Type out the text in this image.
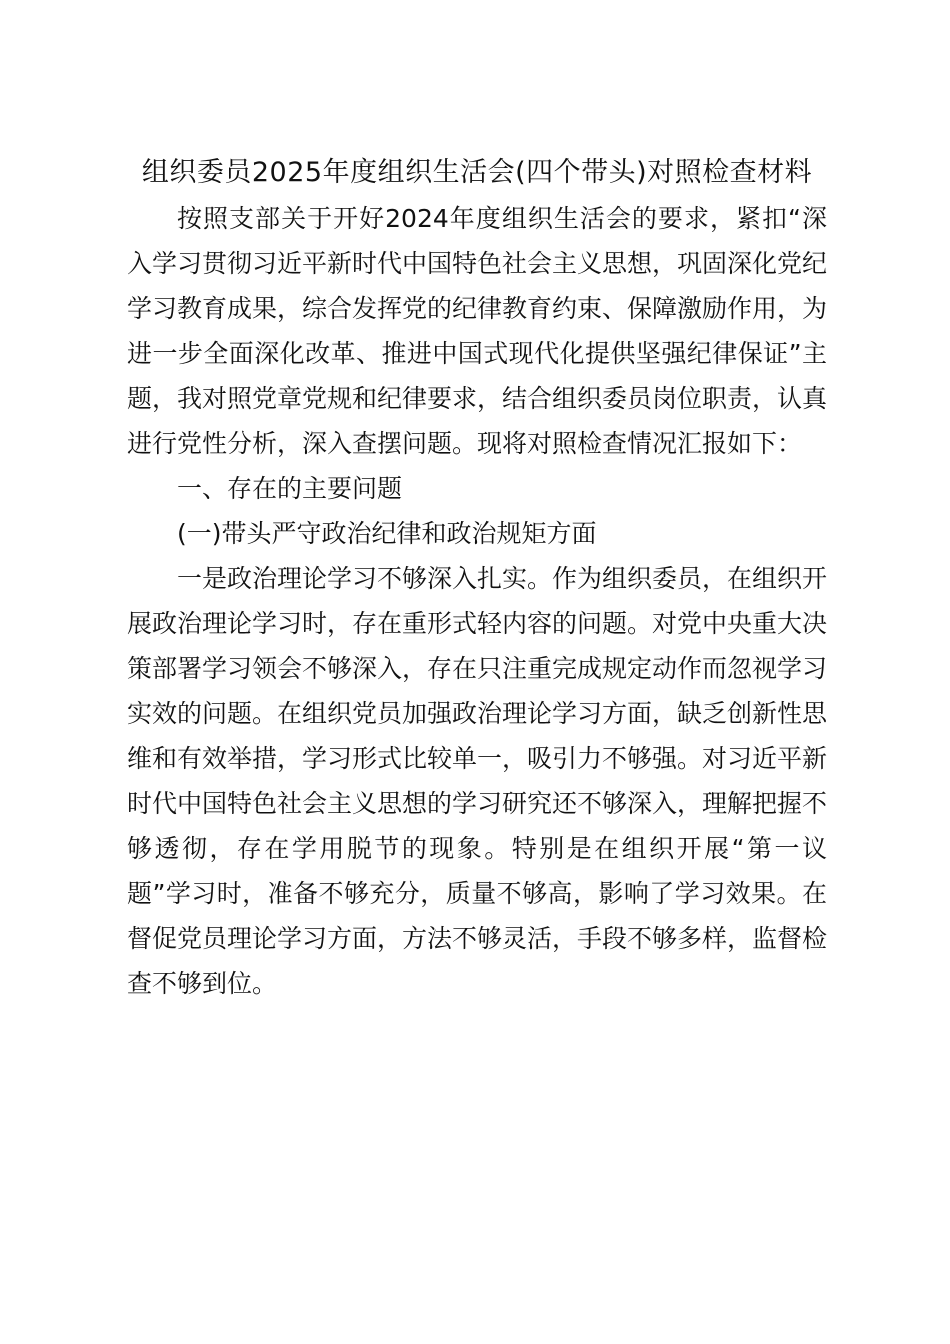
组织委员2025年度组织生活会(四个带头)对照检查材料

按照支部关于开好2024年度组织生活会的要求，紧扣“深入学习贯彻习近平新时代中国特色社会主义思想，巩固深化党纪学习教育成果，综合发挥党的纪律教育约束、保障激励作用，为进一步全面深化改革、推进中国式现代化提供坚强纪律保证”主题，我对照党章党规和纪律要求，结合组织委员岗位职责，认真进行党性分析，深入查摆问题。现将对照检查情况汇报如下：

一、存在的主要问题
(一)带头严守政治纪律和政治规矩方面

一是政治理论学习不够深入扎实。作为组织委员，在组织开展政治理论学习时，存在重形式轻内容的问题。对党中央重大决策部署学习领会不够深入，存在只注重完成规定动作而忽视学习实效的问题。在组织党员加强政治理论学习方面，缺乏创新性思维和有效举措，学习形式比较单一，吸引力不够强。对习近平新时代中国特色社会主义思想的学习研究还不够深入，理解把握不够透彻，存在学用脱节的现象。特别是在组织开展“第一议题”学习时，准备不够充分，质量不够高，影响了学习效果。在督促党员理论学习方面，方法不够灵活，手段不够多样，监督检查不够到位。
